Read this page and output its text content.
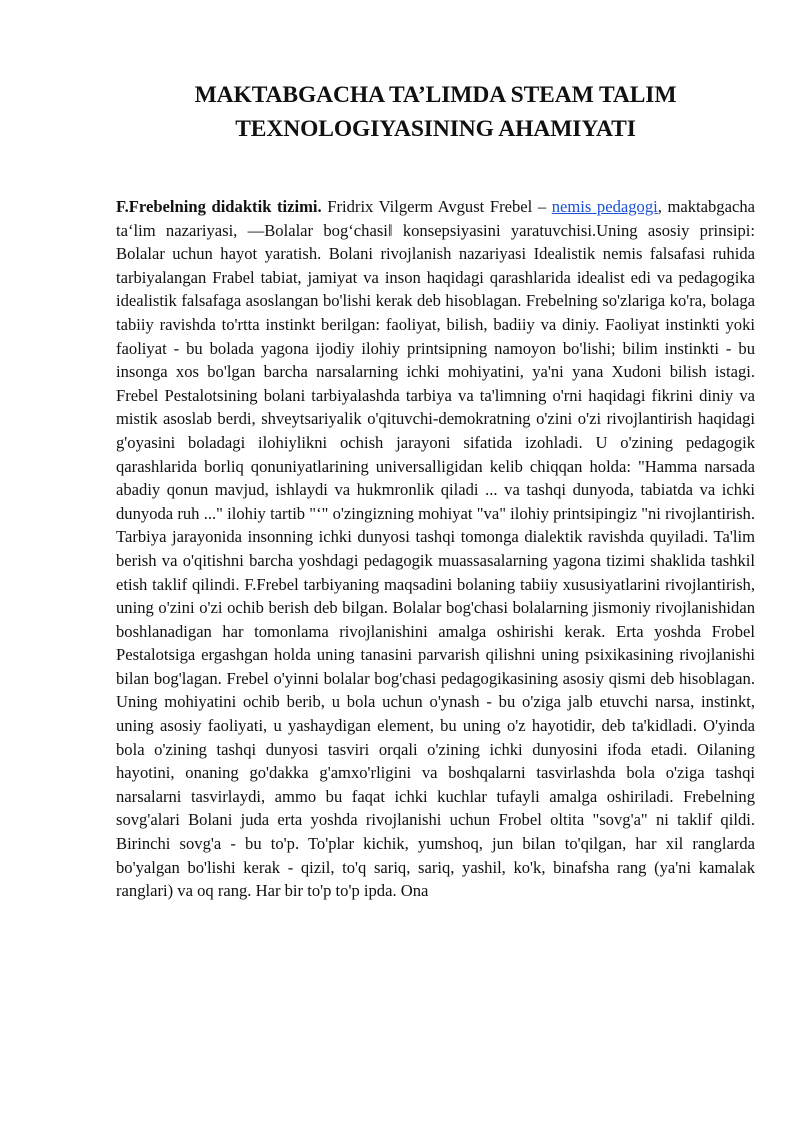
MAKTABGACHA TA’LIMDA STEAM TALIM
TEXNOLOGIYASINING AHAMIYATI

F.Frebelning didaktik tizimi. Fridrix Vilgerm Avgust Frebel – nemis pedagogi, maktabgacha ta‘lim nazariyasi, ―Bolalar bog‘chasi‖ konsepsiyasini yaratuvchisi.Uning asosiy prinsipi: Bolalar uchun hayot yaratish. Bolani rivojlanish nazariyasi Idealistik nemis falsafasi ruhida tarbiyalangan Frabel tabiat, jamiyat va inson haqidagi qarashlarida idealist edi va pedagogika idealistik falsafaga asoslangan bo'lishi kerak deb hisoblagan. Frebelning so'zlariga ko'ra, bolaga tabiiy ravishda to'rtta instinkt berilgan: faoliyat, bilish, badiiy va diniy. Faoliyat instinkti yoki faoliyat - bu bolada yagona ijodiy ilohiy printsipning namoyon bo'lishi; bilim instinkti - bu insonga xos bo'lgan barcha narsalarning ichki mohiyatini, ya'ni yana Xudoni bilish istagi. Frebel Pestalotsining bolani tarbiyalashda tarbiya va ta'limning o'rni haqidagi fikrini diniy va mistik asoslab berdi, shveytsariyalik o'qituvchi-demokratning o'zini o'zi rivojlantirish haqidagi g'oyasini boladagi ilohiylikni ochish jarayoni sifatida izohladi. U o'zining pedagogik qarashlarida borliq qonuniyatlarining universalligidan kelib chiqqan holda: "Hamma narsada abadiy qonun mavjud, ishlaydi va hukmronlik qiladi ... va tashqi dunyoda, tabiatda va ichki dunyoda ruh ..." ilohiy tartib "‘" o'zingizning mohiyat "va" ilohiy printsipingiz "ni rivojlantirish. Tarbiya jarayonida insonning ichki dunyosi tashqi tomonga dialektik ravishda quyiladi. Ta'lim berish va o'qitishni barcha yoshdagi pedagogik muassasalarning yagona tizimi shaklida tashkil etish taklif qilindi. F.Frebel tarbiyaning maqsadini bolaning tabiiy xususiyatlarini rivojlantirish, uning o'zini o'zi ochib berish deb bilgan. Bolalar bog'chasi bolalarning jismoniy rivojlanishidan boshlanadigan har tomonlama rivojlanishini amalga oshirishi kerak. Erta yoshda Frobel Pestalotsiga ergashgan holda uning tanasini parvarish qilishni uning psixikasining rivojlanishi bilan bog'lagan. Frebel o'yinni bolalar bog'chasi pedagogikasining asosiy qismi deb hisoblagan. Uning mohiyatini ochib berib, u bola uchun o'ynash - bu o'ziga jalb etuvchi narsa, instinkt, uning asosiy faoliyati, u yashaydigan element, bu uning o'z hayotidir, deb ta'kidladi. O'yinda bola o'zining tashqi dunyosi tasviri orqali o'zining ichki dunyosini ifoda etadi. Oilaning hayotini, onaning go'dakka g'amxo'rligini va boshqalarni tasvirlashda bola o'ziga tashqi narsalarni tasvirlaydi, ammo bu faqat ichki kuchlar tufayli amalga oshiriladi. Frebelning sovg'alari Bolani juda erta yoshda rivojlanishi uchun Frobel oltita "sovg'a" ni taklif qildi. Birinchi sovg'a - bu to'p. To'plar kichik, yumshoq, jun bilan to'qilgan, har xil ranglarda bo'yalgan bo'lishi kerak - qizil, to'q sariq, sariq, yashil, ko'k, binafsha rang (ya'ni kamalak ranglari) va oq rang. Har bir to'p to'p ipda. Ona
